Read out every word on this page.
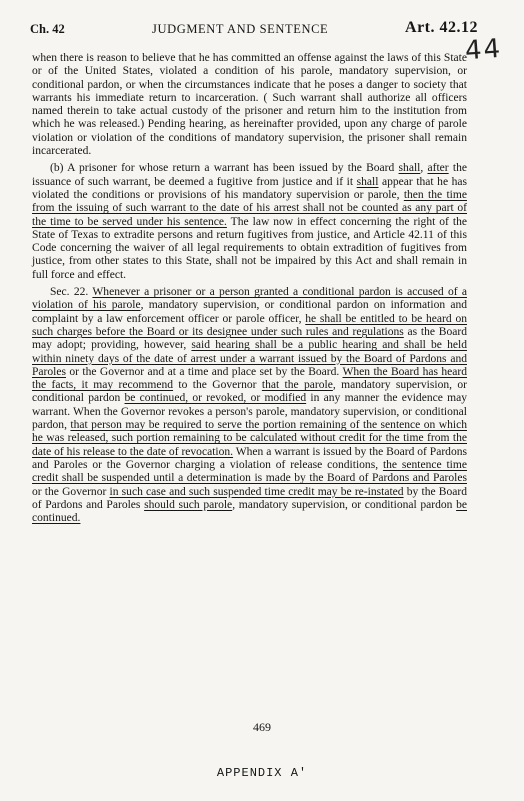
Ch. 42	JUDGMENT AND SENTENCE	Art. 42.12
44

when there is reason to believe that he has committed an offense against the laws of this State or of the United States, violated a condition of his parole, mandatory supervision, or conditional pardon, or when the circumstances indicate that he poses a danger to society that warrants his immediate return to incarceration. ( Such warrant shall authorize all officers named therein to take actual custody of the prisoner and return him to the institution from which he was released.) Pending hearing, as hereinafter provided, upon any charge of parole violation or violation of the conditions of mandatory supervision, the prisoner shall remain incarcerated.

(b) A prisoner for whose return a warrant has been issued by the Board shall, after the issuance of such warrant, be deemed a fugitive from justice and if it shall appear that he has violated the conditions or provisions of his mandatory supervision or parole, then the time from the issuing of such warrant to the date of his arrest shall not be counted as any part of the time to be served under his sentence. The law now in effect concerning the right of the State of Texas to extradite persons and return fugitives from justice, and Article 42.11 of this Code concerning the waiver of all legal requirements to obtain extradition of fugitives from justice, from other states to this State, shall not be impaired by this Act and shall remain in full force and effect.

Sec. 22. Whenever a prisoner or a person granted a conditional pardon is accused of a violation of his parole, mandatory supervision, or conditional pardon on information and complaint by a law enforcement officer or parole officer, he shall be entitled to be heard on such charges before the Board or its designee under such rules and regulations as the Board may adopt; providing, however, said hearing shall be a public hearing and shall be held within ninety days of the date of arrest under a warrant issued by the Board of Pardons and Paroles or the Governor and at a time and place set by the Board. When the Board has heard the facts, it may recommend to the Governor that the parole, mandatory supervision, or conditional pardon be continued, or revoked, or modified in any manner the evidence may warrant. When the Governor revokes a person's parole, mandatory supervision, or conditional pardon, that person may be required to serve the portion remaining of the sentence on which he was released, such portion remaining to be calculated without credit for the time from the date of his release to the date of revocation. When a warrant is issued by the Board of Pardons and Paroles or the Governor charging a violation of release conditions, the sentence time credit shall be suspended until a determination is made by the Board of Pardons and Paroles or the Governor in such case and such suspended time credit may be re-instated by the Board of Pardons and Paroles should such parole, mandatory supervision, or conditional pardon be continued.

469
APPENDIX A'
